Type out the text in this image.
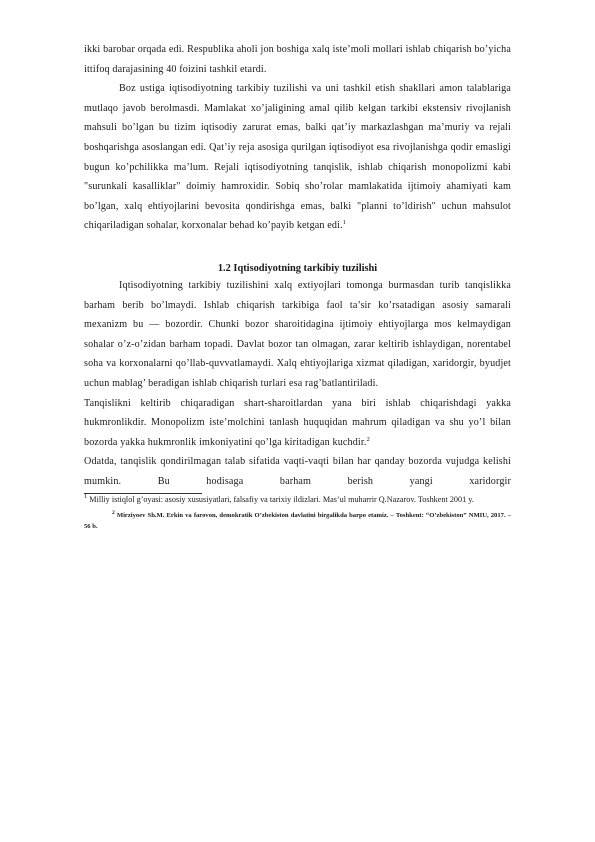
ikki barobar orqada edi. Respublika aholi jon boshiga xalq iste’moli mollari ishlab chiqarish bo’yicha ittifoq darajasining 40 foizini tashkil etardi.

Boz ustiga iqtisodiyotning tarkibiy tuzilishi va uni tashkil etish shakllari amon talablariga mutlaqo javob berolmasdi. Mamlakat xo’jaligining amal qilib kelgan tarkibi ekstensiv rivojlanish mahsuli bo’lgan bu tizim iqtisodiy zarurat emas, balki qat’iy markazlashgan ma’muriy va rejali boshqarishga asoslangan edi. Qat’iy reja asosiga qurilgan iqtisodiyot esa rivojlanishga qodir emasligi bugun ko’pchilikka ma’lum. Rejali iqtisodiyotning tanqislik, ishlab chiqarish monopolizmi kabi "surunkali kasalliklar" doimiy hamroxidir. Sobiq sho’rolar mamlakatida ijtimoiy ahamiyati kam bo’lgan, xalq ehtiyojlarini bevosita qondirishga emas, balki "planni to’ldirish" uchun mahsulot chiqariladigan sohalar, korxonalar behad ko’payib ketgan edi.$^1$

1.2 Iqtisodiyotning tarkibiy tuzilishi

Iqtisodiyotning tarkibiy tuzilishini xalq extiyojlari tomonga burmasdan turib tanqislikka barham berib bo’lmaydi. Ishlab chiqarish tarkibiga faol ta’sir ko’rsatadigan asosiy samarali mexanizm bu — bozordir. Chunki bozor sharoitidagina ijtimoiy ehtiyojlarga mos kelmaydigan sohalar o’z-o’zidan barham topadi. Davlat bozor tan olmagan, zarar keltirib ishlaydigan, norentabel soha va korxonalarni qo’llab-quvvatlamaydi. Xalq ehtiyojlariga xizmat qiladigan, xaridorgir, byudjet uchun mablag’ beradigan ishlab chiqarish turlari esa rag’batlantiriladi.

Tanqislikni keltirib chiqaradigan shart-sharoitlardan yana biri ishlab chiqarishdagi yakka hukmronlikdir. Monopolizm iste’molchini tanlash huquqidan mahrum qiladigan va shu yo’l bilan bozorda yakka hukmronlik imkoniyatini qo’lga kiritadigan kuchdir.$^2$

Odatda, tanqislik qondirilmagan talab sifatida vaqti-vaqti bilan har qanday bozorda vujudga kelishi mumkin. Bu hodisaga barham berish yangi xaridorgir

$^1$ Milliy istiqlol g’oyasi: asosiy xususiyatlari, falsafiy va tarixiy ildizlari. Mas’ul muharrir Q.Nazarov. Toshkent 2001 y.

$^2$ Mirziyoev Sh.M. Erkin va farovon, demokratik O’zbekiston davlatini birgalikda barpo etamiz. – Toshkent: “O’zbekiston” NMIU, 2017. – 56 b.
